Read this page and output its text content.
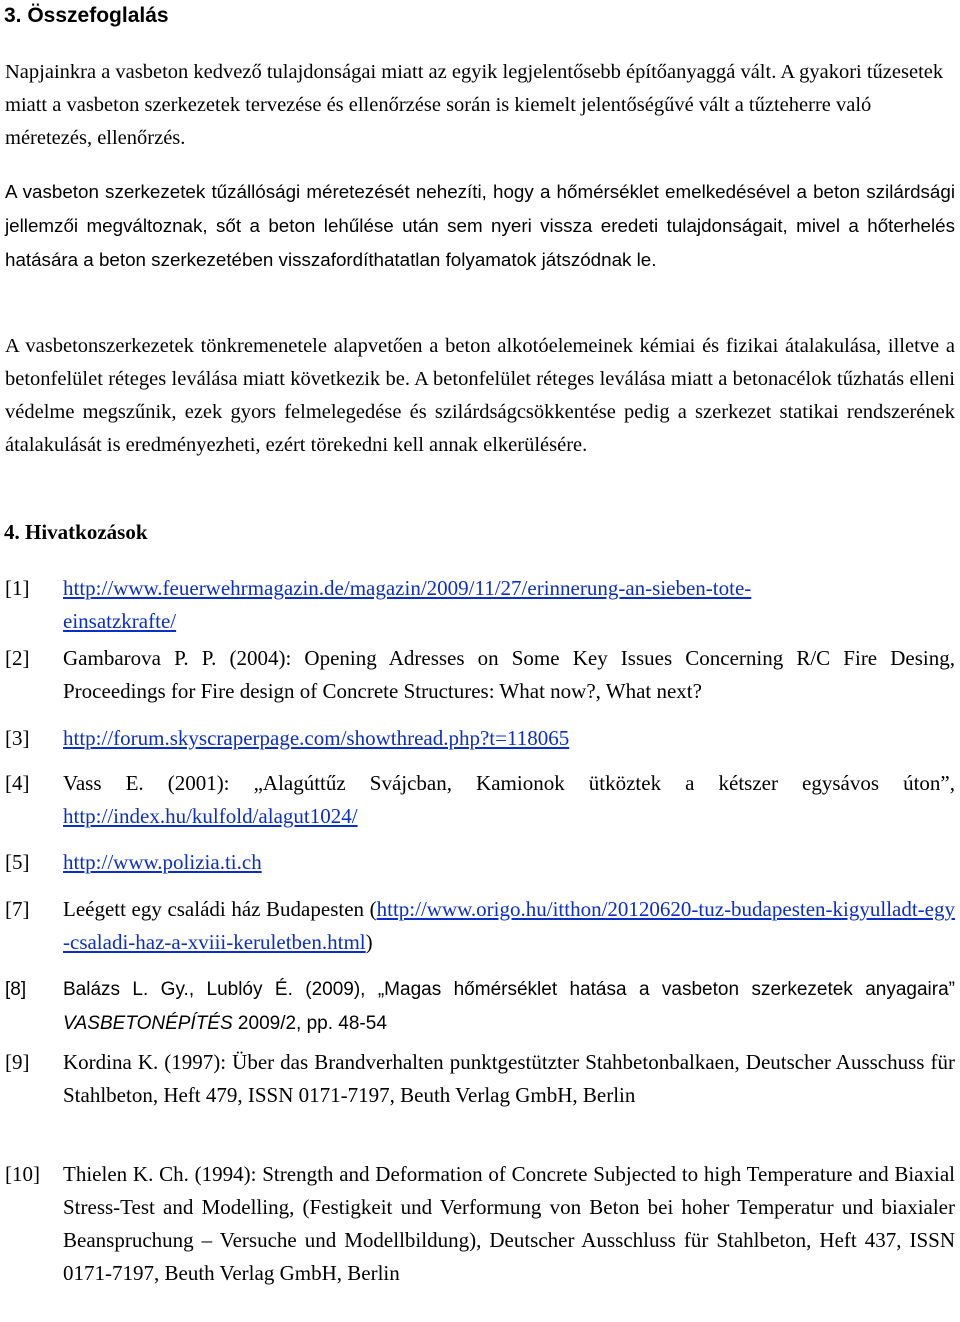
3. Összefoglalás
Napjainkra a vasbeton kedvező tulajdonságai miatt az egyik legjelentősebb építőanyaggá vált. A gyakori tűzesetek miatt a vasbeton szerkezetek tervezése és ellenőrzése során is kiemelt jelentőségűvé vált a tűzteherre való méretezés, ellenőrzés.
A vasbeton szerkezetek tűzállósági méretezését nehezíti, hogy a hőmérséklet emelkedésével a beton szilárdsági jellemzői megváltoznak, sőt a beton lehűlése után sem nyeri vissza eredeti tulajdonságait, mivel a hőterhelés hatására a beton szerkezetében visszafordíthatatlan folyamatok játszódnak le.
A vasbetonszerkezetek tönkremenetele alapvetően a beton alkotóelemeinek kémiai és fizikai átalakulása, illetve a betonfelület réteges leválása miatt következik be. A betonfelület réteges leválása miatt a betonacélok tűzhatás elleni védelme megszűnik, ezek gyors felmelegedése és szilárdságcsökkentése pedig a szerkezet statikai rendszerének átalakulását is eredményezheti, ezért törekedni kell annak elkerülésére.
4. Hivatkozások
[1] http://www.feuerwehrmagazin.de/magazin/2009/11/27/erinnerung-an-sieben-tote-einsatzkrafte/
[2] Gambarova P. P. (2004): Opening Adresses on Some Key Issues Concerning R/C Fire Desing, Proceedings for Fire design of Concrete Structures: What now?, What next?
[3] http://forum.skyscraperpage.com/showthread.php?t=118065
[4] Vass E. (2001): „Alagúttűz Svájcban, Kamionok ütköztek a kétszer egysávos úton”, http://index.hu/kulfold/alagut1024/
[5] http://www.polizia.ti.ch
[7] Leégett egy családi ház Budapesten (http://www.origo.hu/itthon/20120620-tuz-budapesten-kigyulladt-egy-csaladi-haz-a-xviii-keruletben.html)
[8] Balázs L. Gy., Lublóy É. (2009), „Magas hőmérséklet hatása a vasbeton szerkezetek anyagaira” VASBETONÉPÍTÉS 2009/2, pp. 48-54
[9] Kordina K. (1997): Über das Brandverhalten punktgestützter Stahbetonbalkaen, Deutscher Ausschuss für Stahlbeton, Heft 479, ISSN 0171-7197, Beuth Verlag GmbH, Berlin
[10] Thielen K. Ch. (1994): Strength and Deformation of Concrete Subjected to high Temperature and Biaxial Stress-Test and Modelling, (Festigkeit und Verformung von Beton bei hoher Temperatur und biaxialer Beanspruchung – Versuche und Modellbildung), Deutscher Ausschluss für Stahlbeton, Heft 437, ISSN 0171-7197, Beuth Verlag GmbH, Berlin
